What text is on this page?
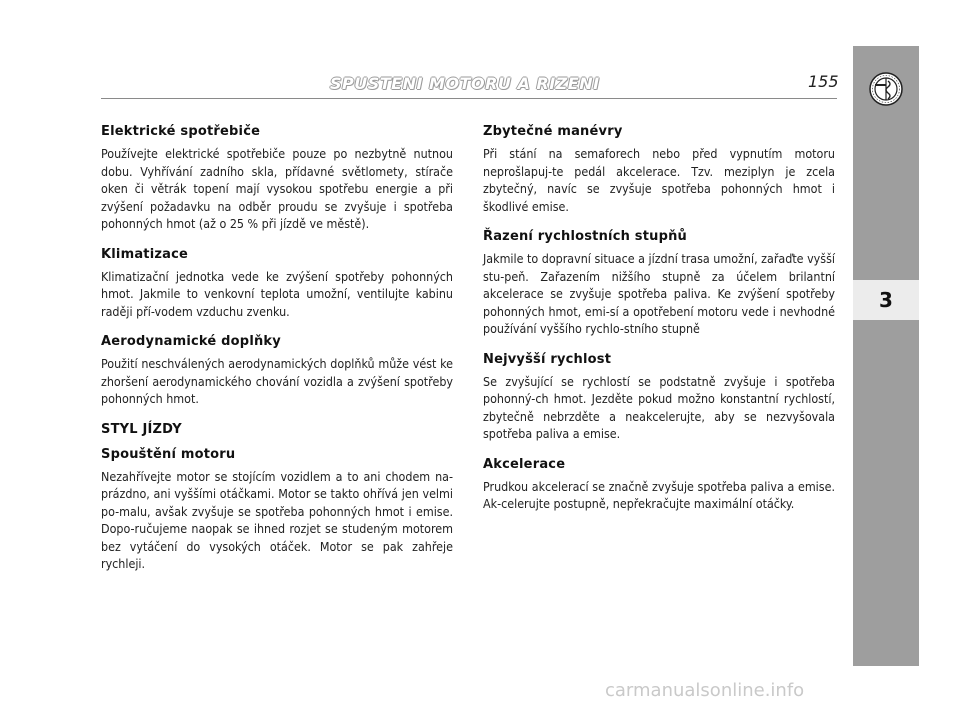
SPUSTENI MOTORU A RIZENI	155
3
Elektrické spotřebiče

Používejte elektrické spotřebiče pouze po nezbytně nutnou dobu. Vyhřívání zadního skla, přídavné světlomety, stírače oken či větrák topení mají vysokou spotřebu energie a při zvýšení požadavku na odběr proudu se zvyšuje i spotřeba pohonných hmot (až o 25 % při jízdě ve městě).

Klimatizace

Klimatizační jednotka vede ke zvýšení spotřeby pohonných hmot. Jakmile to venkovní teplota umožní, ventilujte kabinu raději pří-vodem vzduchu zvenku.

Aerodynamické doplňky

Použití neschválených aerodynamických doplňků může vést ke zhoršení aerodynamického chování vozidla a zvýšení spotřeby pohonných hmot.

STYL JÍZDY
Spouštění motoru

Nezahřívejte motor se stojícím vozidlem a to ani chodem na-prázdno, ani vyššími otáčkami. Motor se takto ohřívá jen velmi po-malu, avšak zvyšuje se spotřeba pohonných hmot i emise. Dopo-ručujeme naopak se ihned rozjet se studeným motorem bez vytáčení do vysokých otáček. Motor se pak zahřeje rychleji.

Zbytečné manévry

Při stání na semaforech nebo před vypnutím motoru neprošlapuj-te pedál akcelerace. Tzv. meziplyn je zcela zbytečný, navíc se zvyšuje spotřeba pohonných hmot i škodlivé emise.

Řazení rychlostních stupňů

Jakmile to dopravní situace a jízdní trasa umožní, zařaďte vyšší stu-peň. Zařazením nižšího stupně za účelem brilantní akcelerace se zvyšuje spotřeba paliva. Ke zvýšení spotřeby pohonných hmot, emi-sí a opotřebení motoru vede i nevhodné používání vyššího rychlo-stního stupně

Nejvyšší rychlost

Se zvyšující se rychlostí se podstatně zvyšuje i spotřeba pohonný-ch hmot. Jezděte pokud možno konstantní rychlostí, zbytečně nebrzděte a neakcelerujte, aby se nezvyšovala spotřeba paliva a emise.

Akcelerace

Prudkou akcelerací se značně zvyšuje spotřeba paliva a emise. Ak-celerujte postupně, nepřekračujte maximální otáčky.

carmanualsonline.info
